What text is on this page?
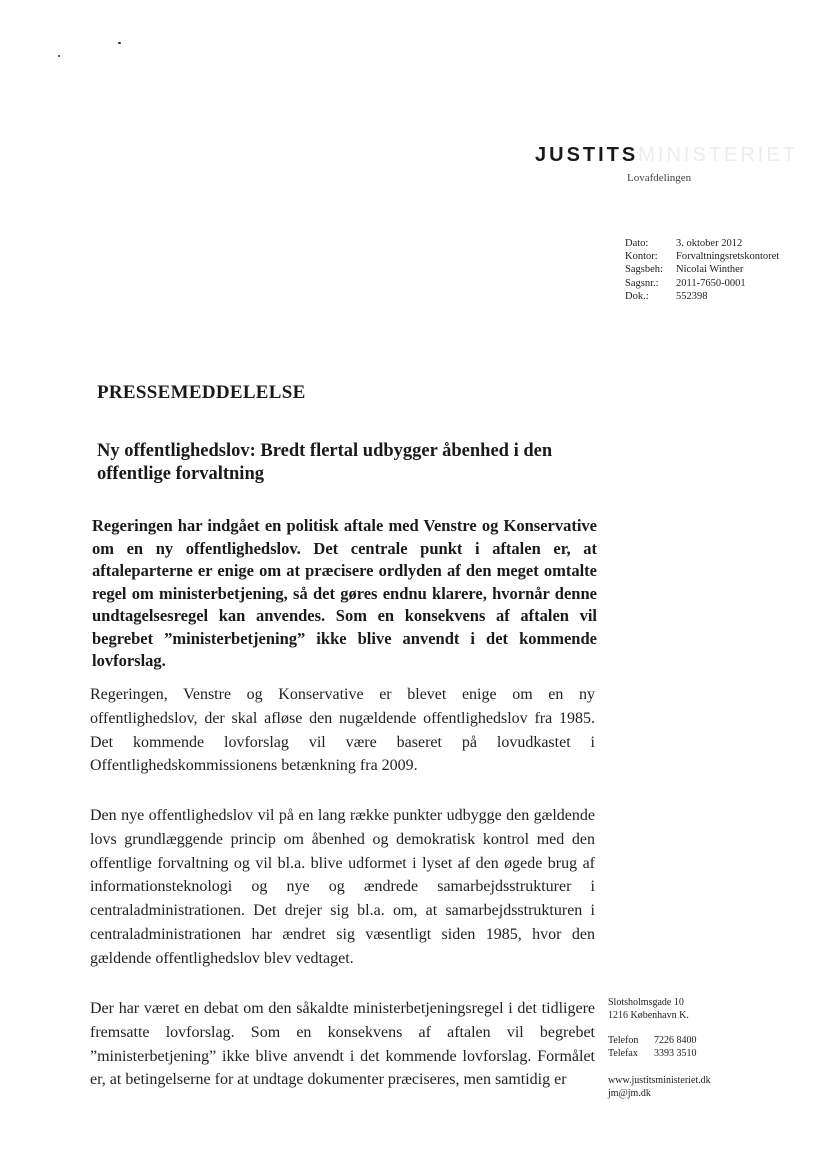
JUSTITSMINISTERIET
Lovafdelingen
Dato:	3. oktober 2012
Kontor:	Forvaltningsretskontoret
Sagsbeh:	Nicolai Winther
Sagsnr.:	2011-7650-0001
Dok.:	552398
PRESSEMEDDELELSE
Ny offentlighedslov: Bredt flertal udbygger åbenhed i den offentlige forvaltning
Regeringen har indgået en politisk aftale med Venstre og Konservative om en ny offentlighedslov. Det centrale punkt i aftalen er, at aftaleparterne er enige om at præcisere ordlyden af den meget omtalte regel om ministerbetjening, så det gøres endnu klarere, hvornår denne undtagelsesregel kan anvendes. Som en konsekvens af aftalen vil begrebet ”ministerbetjening” ikke blive anvendt i det kommende lovforslag.
Regeringen, Venstre og Konservative er blevet enige om en ny offentlighedslov, der skal afløse den nugældende offentlighedslov fra 1985. Det kommende lovforslag vil være baseret på lovudkastet i Offentlighedskommissionens betænkning fra 2009.
Den nye offentlighedslov vil på en lang række punkter udbygge den gældende lovs grundlæggende princip om åbenhed og demokratisk kontrol med den offentlige forvaltning og vil bl.a. blive udformet i lyset af den øgede brug af informationsteknologi og nye og ændrede samarbejdsstrukturer i centraladministrationen. Det drejer sig bl.a. om, at samarbejdsstrukturen i centraladministrationen har ændret sig væsentligt siden 1985, hvor den gældende offentlighedslov blev vedtaget.
Der har været en debat om den såkaldte ministerbetjeningsregel i det tidligere fremsatte lovforslag. Som en konsekvens af aftalen vil begrebet ”ministerbetjening” ikke blive anvendt i det kommende lovforslag. Formålet er, at betingelserne for at undtage dokumenter præciseres, men samtidig er
Slotsholmsgade 10
1216 København K.
Telefon	7226 8400
Telefax	3393 3510
www.justitsministeriet.dk
jm@jm.dk
